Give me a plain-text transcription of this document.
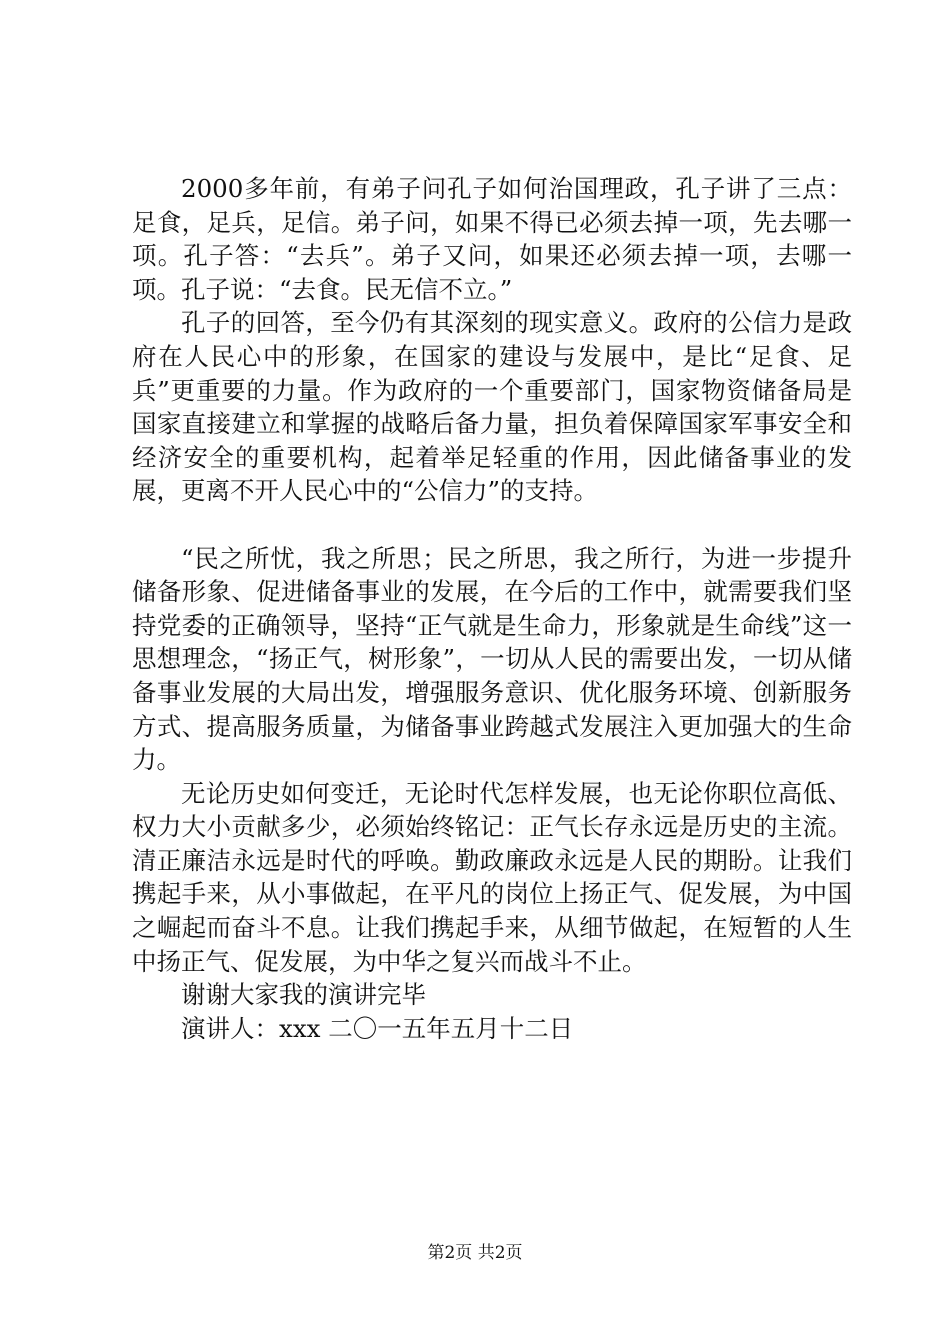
2000多年前，有弟子问孔子如何治国理政，孔子讲了三点：足食，足兵，足信。弟子问，如果不得已必须去掉一项，先去哪一项。孔子答：“去兵”。弟子又问，如果还必须去掉一项，去哪一项。孔子说：“去食。民无信不立。”

孔子的回答，至今仍有其深刻的现实意义。政府的公信力是政府在人民心中的形象，在国家的建设与发展中，是比“足食、足兵”更重要的力量。作为政府的一个重要部门，国家物资储备局是国家直接建立和掌握的战略后备力量，担负着保障国家军事安全和经济安全的重要机构，起着举足轻重的作用，因此储备事业的发展，更离不开人民心中的“公信力”的支持。

“民之所忧，我之所思；民之所思，我之所行，为进一步提升储备形象、促进储备事业的发展，在今后的工作中，就需要我们坚持党委的正确领导，坚持“正气就是生命力，形象就是生命线”这一思想理念，“扬正气，树形象”，一切从人民的需要出发，一切从储备事业发展的大局出发，增强服务意识、优化服务环境、创新服务方式、提高服务质量，为储备事业跨越式发展注入更加强大的生命力。

无论历史如何变迁，无论时代怎样发展，也无论你职位高低、权力大小贡献多少，必须始终铭记：正气长存永远是历史的主流。清正廉洁永远是时代的呼唤。勤政廉政永远是人民的期盼。让我们携起手来，从小事做起，在平凡的岗位上扬正气、促发展，为中国之崛起而奋斗不息。让我们携起手来，从细节做起，在短暂的人生中扬正气、促发展，为中华之复兴而战斗不止。

谢谢大家我的演讲完毕

演讲人：xxx 二〇一五年五月十二日

第2页 共2页
